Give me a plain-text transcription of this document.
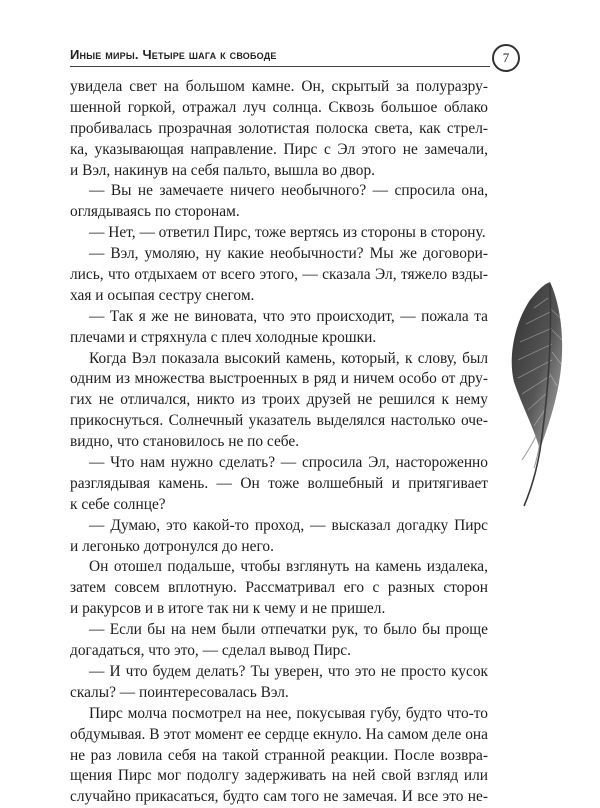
Иные миры. Четыре шага к свободе	7
увидела свет на большом камне. Он, скрытый за полуразру-
шенной горкой, отражал луч солнца. Сквозь большое облако
пробивалась прозрачная золотистая полоска света, как стрел-
ка, указывающая направление. Пирс с Эл этого не замечали,
и Вэл, накинув на себя пальто, вышла во двор.
— Вы не замечаете ничего необычного? — спросила она,
оглядываясь по сторонам.
— Нет, — ответил Пирс, тоже вертясь из стороны в сторону.
— Вэл, умоляю, ну какие необычности? Мы же договори-
лись, что отдыхаем от всего этого, — сказала Эл, тяжело взды-
хая и осыпая сестру снегом.
— Так я же не виновата, что это происходит, — пожала та
плечами и стряхнула с плеч холодные крошки.
Когда Вэл показала высокий камень, который, к слову, был
одним из множества выстроенных в ряд и ничем особо от дру-
гих не отличался, никто из троих друзей не решился к нему
прикоснуться. Солнечный указатель выделялся настолько оче-
видно, что становилось не по себе.
— Что нам нужно сделать? — спросила Эл, настороженно
разглядывая камень. — Он тоже волшебный и притягивает
к себе солнце?
— Думаю, это какой-то проход, — высказал догадку Пирс
и легонько дотронулся до него.
Он отошел подальше, чтобы взглянуть на камень издалека,
затем совсем вплотную. Рассматривал его с разных сторон
и ракурсов и в итоге так ни к чему и не пришел.
— Если бы на нем были отпечатки рук, то было бы проще
догадаться, что это, — сделал вывод Пирс.
— И что будем делать? Ты уверен, что это не просто кусок
скалы? — поинтересовалась Вэл.
Пирс молча посмотрел на нее, покусывая губу, будто что-то
обдумывая. В этот момент ее сердце екнуло. На самом деле она
не раз ловила себя на такой странной реакции. После возвра-
щения Пирс мог подолгу задерживать на ней свой взгляд или
случайно прикасаться, будто сам того не замечая. И все это не-
